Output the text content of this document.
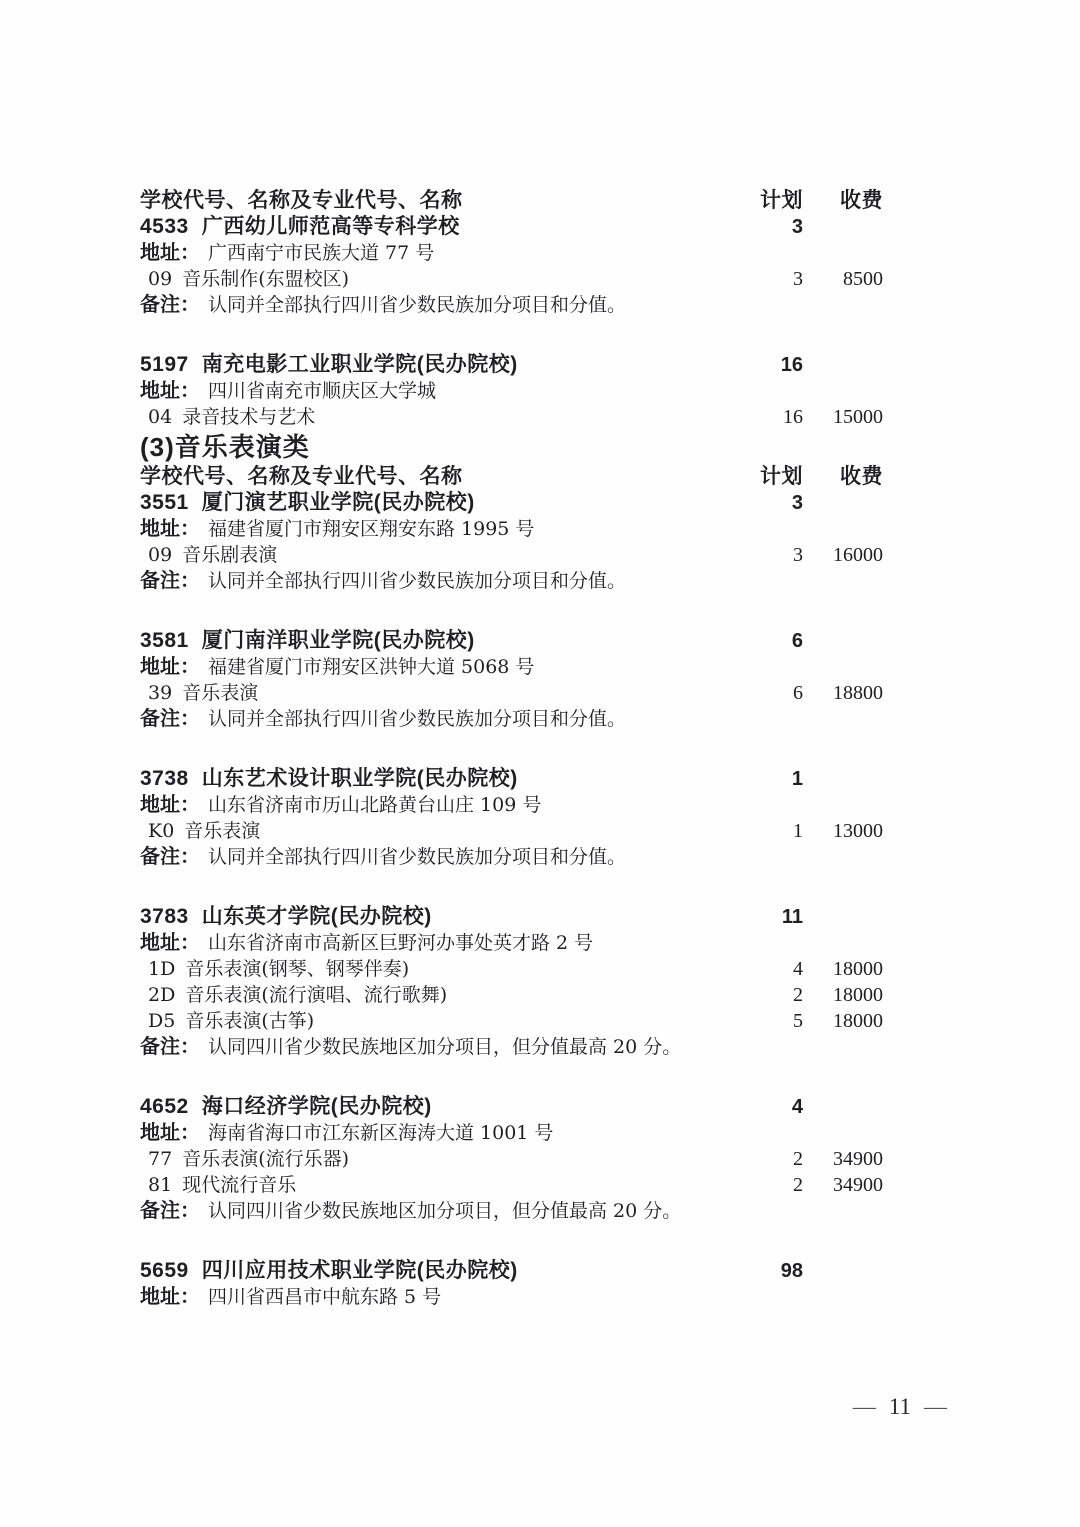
学校代号、名称及专业代号、名称	计划	收费
4533 广西幼儿师范高等专科学校	3
地址： 广西南宁市民族大道 77 号
09 音乐制作(东盟校区)	3	8500
备注： 认同并全部执行四川省少数民族加分项目和分值。
5197 南充电影工业职业学院(民办院校)	16
地址： 四川省南充市顺庆区大学城
04 录音技术与艺术	16	15000
(3)音乐表演类
学校代号、名称及专业代号、名称	计划	收费
3551 厦门演艺职业学院(民办院校)	3
地址： 福建省厦门市翔安区翔安东路 1995 号
09 音乐剧表演	3	16000
备注： 认同并全部执行四川省少数民族加分项目和分值。
3581 厦门南洋职业学院(民办院校)	6
地址： 福建省厦门市翔安区洪钟大道 5068 号
39 音乐表演	6	18800
备注： 认同并全部执行四川省少数民族加分项目和分值。
3738 山东艺术设计职业学院(民办院校)	1
地址： 山东省济南市历山北路黄台山庄 109 号
K0 音乐表演	1	13000
备注： 认同并全部执行四川省少数民族加分项目和分值。
3783 山东英才学院(民办院校)	11
地址： 山东省济南市高新区巨野河办事处英才路 2 号
1D 音乐表演(钢琴、钢琴伴奏)	4	18000
2D 音乐表演(流行演唱、流行歌舞)	2	18000
D5 音乐表演(古筝)	5	18000
备注： 认同四川省少数民族地区加分项目，但分值最高 20 分。
4652 海口经济学院(民办院校)	4
地址： 海南省海口市江东新区海涛大道 1001 号
77 音乐表演(流行乐器)	2	34900
81 现代流行音乐	2	34900
备注： 认同四川省少数民族地区加分项目，但分值最高 20 分。
5659 四川应用技术职业学院(民办院校)	98
地址： 四川省西昌市中航东路 5 号
— 11 —
